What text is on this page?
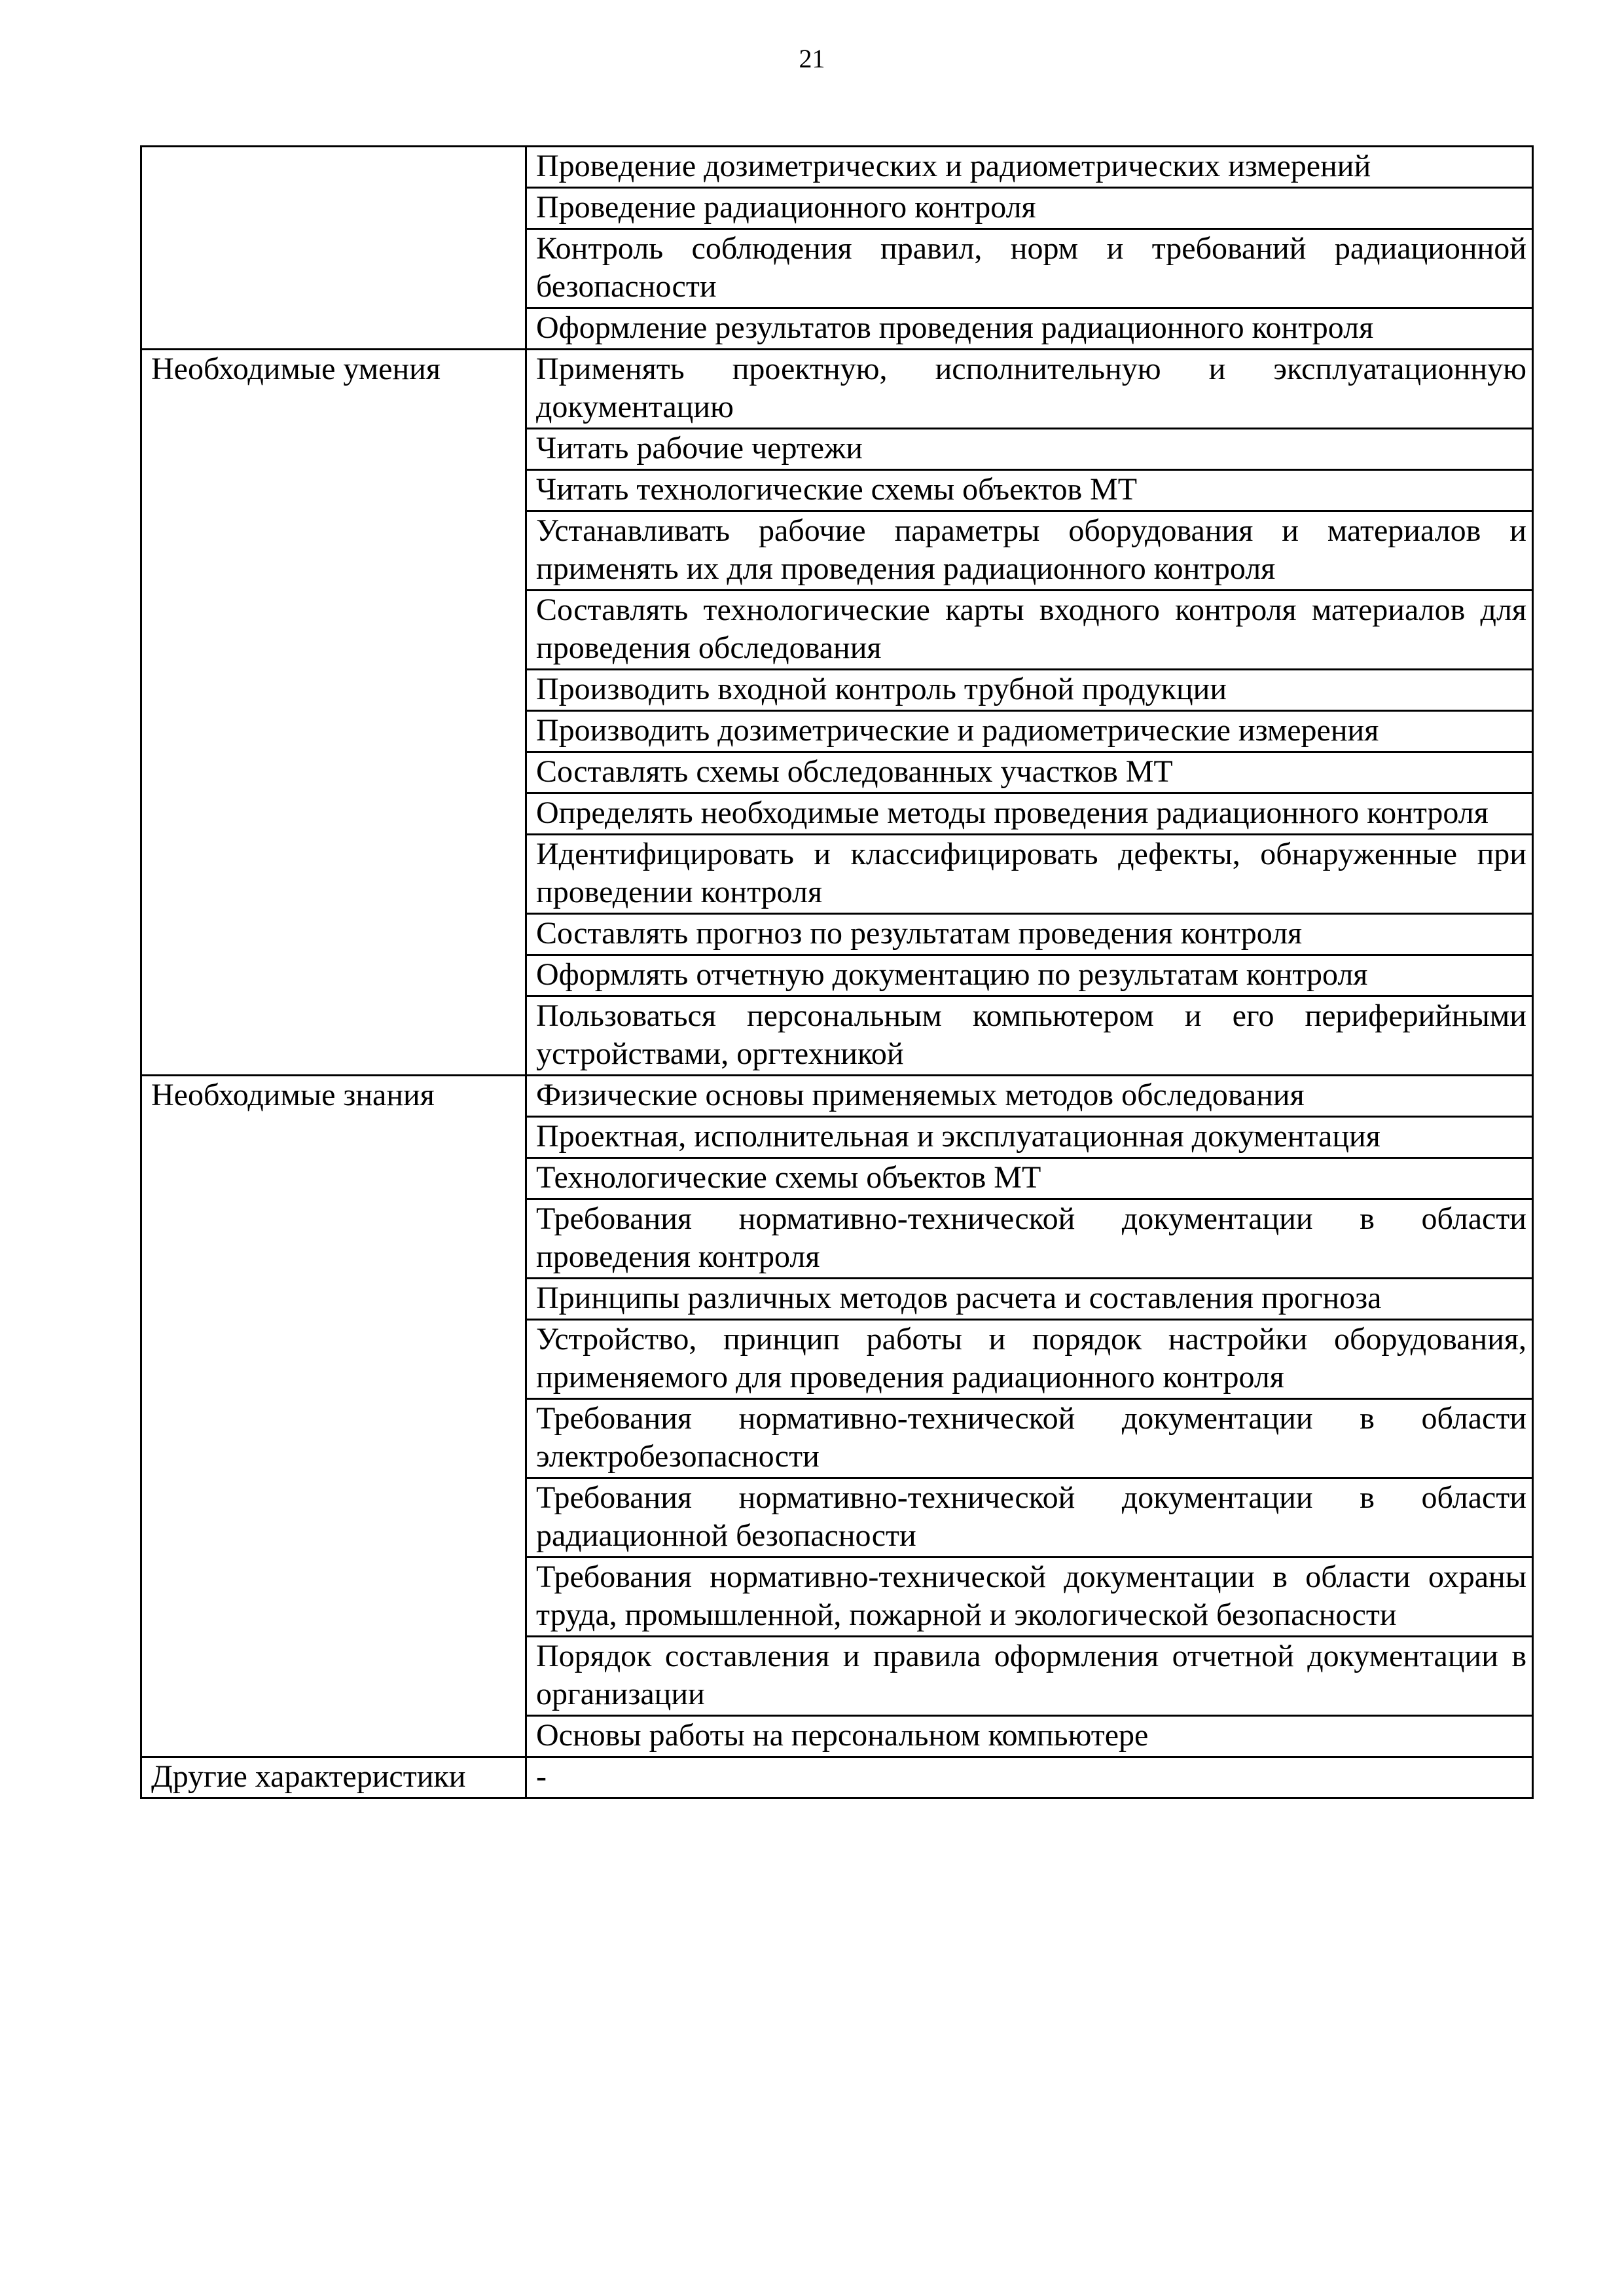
21
	Проведение дозиметрических и радиометрических измерений
	Проведение радиационного контроля
	Контроль соблюдения правил, норм и требований радиационной безопасности
	Оформление результатов проведения радиационного контроля
Необходимые умения	Применять проектную, исполнительную и эксплуатационную документацию
	Читать рабочие чертежи
	Читать технологические схемы объектов МТ
	Устанавливать рабочие параметры оборудования и материалов и применять их для проведения радиационного контроля
	Составлять технологические карты входного контроля материалов для проведения обследования
	Производить входной контроль трубной продукции
	Производить дозиметрические и радиометрические измерения
	Составлять схемы обследованных участков МТ
	Определять необходимые методы проведения радиационного контроля
	Идентифицировать и классифицировать дефекты, обнаруженные при проведении контроля
	Составлять прогноз по результатам проведения контроля
	Оформлять отчетную документацию по результатам контроля
	Пользоваться персональным компьютером и его периферийными устройствами, оргтехникой
Необходимые знания	Физические основы применяемых методов обследования
	Проектная, исполнительная и эксплуатационная документация
	Технологические схемы объектов МТ
	Требования нормативно-технической документации в области проведения контроля
	Принципы различных методов расчета и составления прогноза
	Устройство, принцип работы и порядок настройки оборудования, применяемого для проведения радиационного контроля
	Требования нормативно-технической документации в области электробезопасности
	Требования нормативно-технической документации в области радиационной безопасности
	Требования нормативно-технической документации в области охраны труда, промышленной, пожарной и экологической безопасности
	Порядок составления и правила оформления отчетной документации в организации
	Основы работы на персональном компьютере
Другие характеристики	-
